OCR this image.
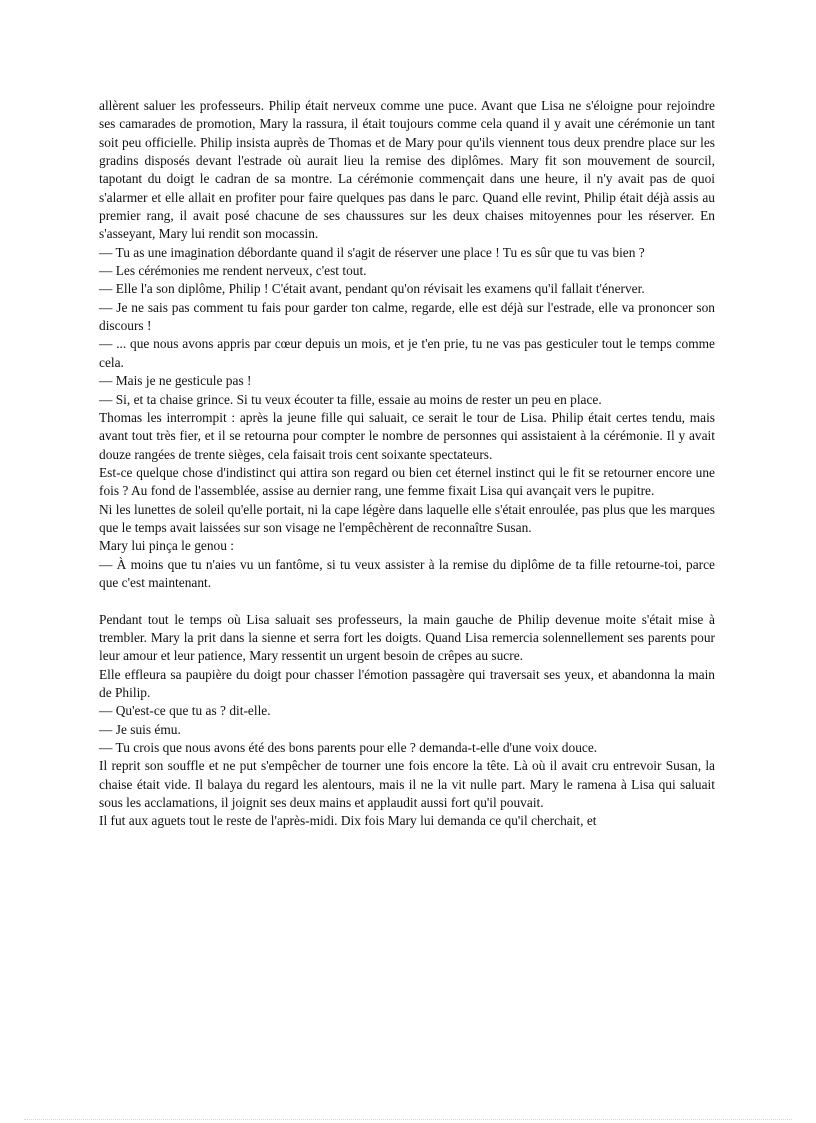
allèrent saluer les professeurs. Philip était nerveux comme une puce. Avant que Lisa ne s'éloigne pour rejoindre ses camarades de promotion, Mary la rassura, il était toujours comme cela quand il y avait une cérémonie un tant soit peu officielle. Philip insista auprès de Thomas et de Mary pour qu'ils viennent tous deux prendre place sur les gradins disposés devant l'estrade où aurait lieu la remise des diplômes. Mary fit son mouvement de sourcil, tapotant du doigt le cadran de sa montre. La cérémonie commençait dans une heure, il n'y avait pas de quoi s'alarmer et elle allait en profiter pour faire quelques pas dans le parc. Quand elle revint, Philip était déjà assis au premier rang, il avait posé chacune de ses chaussures sur les deux chaises mitoyennes pour les réserver. En s'asseyant, Mary lui rendit son mocassin.

— Tu as une imagination débordante quand il s'agit de réserver une place ! Tu es sûr que tu vas bien ?

— Les cérémonies me rendent nerveux, c'est tout.

— Elle l'a son diplôme, Philip ! C'était avant, pendant qu'on révisait les examens qu'il fallait t'énerver.

— Je ne sais pas comment tu fais pour garder ton calme, regarde, elle est déjà sur l'estrade, elle va prononcer son discours !

— ... que nous avons appris par cœur depuis un mois, et je t'en prie, tu ne vas pas gesticuler tout le temps comme cela.

— Mais je ne gesticule pas !

— Si, et ta chaise grince. Si tu veux écouter ta fille, essaie au moins de rester un peu en place.

Thomas les interrompit : après la jeune fille qui saluait, ce serait le tour de Lisa. Philip était certes tendu, mais avant tout très fier, et il se retourna pour compter le nombre de personnes qui assistaient à la cérémonie. Il y avait douze rangées de trente sièges, cela faisait trois cent soixante spectateurs.

Est-ce quelque chose d'indistinct qui attira son regard ou bien cet éternel instinct qui le fit se retourner encore une fois ? Au fond de l'assemblée, assise au dernier rang, une femme fixait Lisa qui avançait vers le pupitre.

Ni les lunettes de soleil qu'elle portait, ni la cape légère dans laquelle elle s'était enroulée, pas plus que les marques que le temps avait laissées sur son visage ne l'empêchèrent de reconnaître Susan.

Mary lui pinça le genou :

— À moins que tu n'aies vu un fantôme, si tu veux assister à la remise du diplôme de ta fille retourne-toi, parce que c'est maintenant.

Pendant tout le temps où Lisa saluait ses professeurs, la main gauche de Philip devenue moite s'était mise à trembler. Mary la prit dans la sienne et serra fort les doigts. Quand Lisa remercia solennellement ses parents pour leur amour et leur patience, Mary ressentit un urgent besoin de crêpes au sucre.

Elle effleura sa paupière du doigt pour chasser l'émotion passagère qui traversait ses yeux, et abandonna la main de Philip.

— Qu'est-ce que tu as ? dit-elle.

— Je suis ému.

— Tu crois que nous avons été des bons parents pour elle ? demanda-t-elle d'une voix douce.

Il reprit son souffle et ne put s'empêcher de tourner une fois encore la tête. Là où il avait cru entrevoir Susan, la chaise était vide. Il balaya du regard les alentours, mais il ne la vit nulle part. Mary le ramena à Lisa qui saluait sous les acclamations, il joignit ses deux mains et applaudit aussi fort qu'il pouvait.

Il fut aux aguets tout le reste de l'après-midi. Dix fois Mary lui demanda ce qu'il cherchait, et
